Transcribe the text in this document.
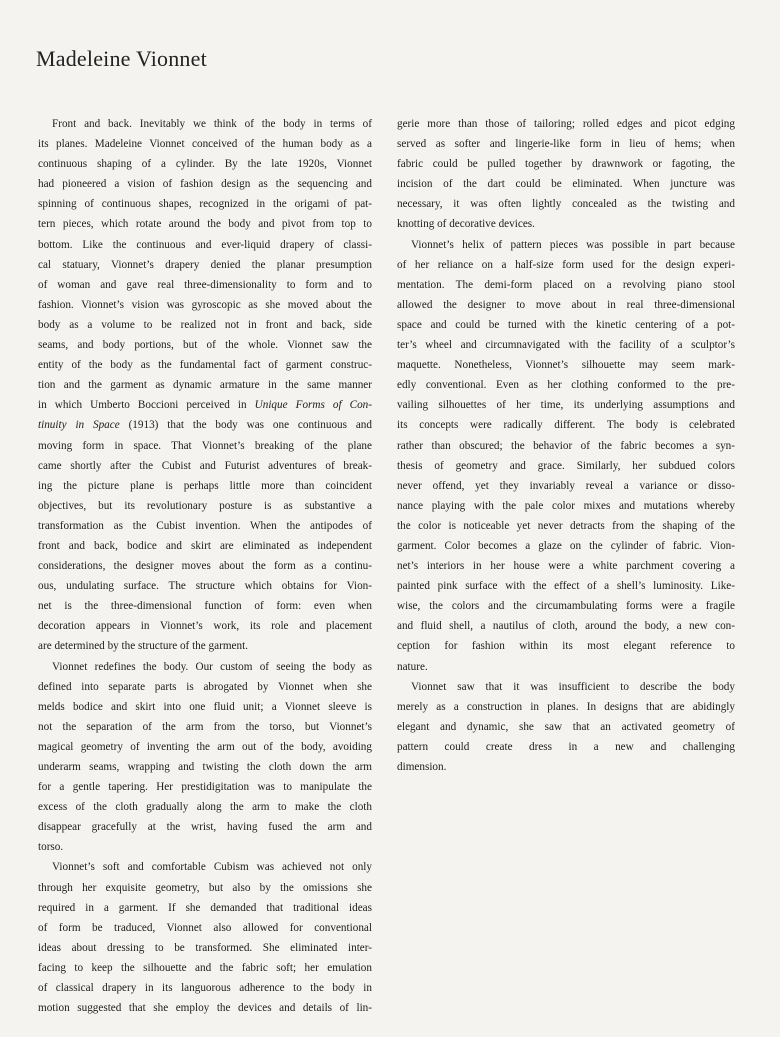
Madeleine Vionnet
Front and back. Inevitably we think of the body in terms of
its planes. Madeleine Vionnet conceived of the human body as a
continuous shaping of a cylinder. By the late 1920s, Vionnet
had pioneered a vision of fashion design as the sequencing and
spinning of continuous shapes, recognized in the origami of pat-
tern pieces, which rotate around the body and pivot from top to
bottom. Like the continuous and ever-liquid drapery of classi-
cal statuary, Vionnet’s drapery denied the planar presumption
of woman and gave real three-dimensionality to form and to
fashion. Vionnet’s vision was gyroscopic as she moved about the
body as a volume to be realized not in front and back, side
seams, and body portions, but of the whole. Vionnet saw the
entity of the body as the fundamental fact of garment construc-
tion and the garment as dynamic armature in the same manner
in which Umberto Boccioni perceived in Unique Forms of Con-
tinuity in Space (1913) that the body was one continuous and
moving form in space. That Vionnet’s breaking of the plane
came shortly after the Cubist and Futurist adventures of break-
ing the picture plane is perhaps little more than coincident
objectives, but its revolutionary posture is as substantive a
transformation as the Cubist invention. When the antipodes of
front and back, bodice and skirt are eliminated as independent
considerations, the designer moves about the form as a continu-
ous, undulating surface. The structure which obtains for Vion-
net is the three-dimensional function of form: even when
decoration appears in Vionnet’s work, its role and placement
are determined by the structure of the garment.
Vionnet redefines the body. Our custom of seeing the body as
defined into separate parts is abrogated by Vionnet when she
melds bodice and skirt into one fluid unit; a Vionnet sleeve is
not the separation of the arm from the torso, but Vionnet’s
magical geometry of inventing the arm out of the body, avoiding
underarm seams, wrapping and twisting the cloth down the arm
for a gentle tapering. Her prestidigitation was to manipulate the
excess of the cloth gradually along the arm to make the cloth
disappear gracefully at the wrist, having fused the arm and
torso.
Vionnet’s soft and comfortable Cubism was achieved not only
through her exquisite geometry, but also by the omissions she
required in a garment. If she demanded that traditional ideas
of form be traduced, Vionnet also allowed for conventional
ideas about dressing to be transformed. She eliminated inter-
facing to keep the silhouette and the fabric soft; her emulation
of classical drapery in its languorous adherence to the body in
motion suggested that she employ the devices and details of lin-
gerie more than those of tailoring; rolled edges and picot edging
served as softer and lingerie-like form in lieu of hems; when
fabric could be pulled together by drawnwork or fagoting, the
incision of the dart could be eliminated. When juncture was
necessary, it was often lightly concealed as the twisting and
knotting of decorative devices.
Vionnet’s helix of pattern pieces was possible in part because
of her reliance on a half-size form used for the design experi-
mentation. The demi-form placed on a revolving piano stool
allowed the designer to move about in real three-dimensional
space and could be turned with the kinetic centering of a pot-
ter’s wheel and circumnavigated with the facility of a sculptor’s
maquette. Nonetheless, Vionnet’s silhouette may seem mark-
edly conventional. Even as her clothing conformed to the pre-
vailing silhouettes of her time, its underlying assumptions and
its concepts were radically different. The body is celebrated
rather than obscured; the behavior of the fabric becomes a syn-
thesis of geometry and grace. Similarly, her subdued colors
never offend, yet they invariably reveal a variance or disso-
nance playing with the pale color mixes and mutations whereby
the color is noticeable yet never detracts from the shaping of the
garment. Color becomes a glaze on the cylinder of fabric. Vion-
net’s interiors in her house were a white parchment covering a
painted pink surface with the effect of a shell’s luminosity. Like-
wise, the colors and the circumambulating forms were a fragile
and fluid shell, a nautilus of cloth, around the body, a new con-
ception for fashion within its most elegant reference to
nature.
Vionnet saw that it was insufficient to describe the body
merely as a construction in planes. In designs that are abidingly
elegant and dynamic, she saw that an activated geometry of
pattern could create dress in a new and challenging
dimension.
